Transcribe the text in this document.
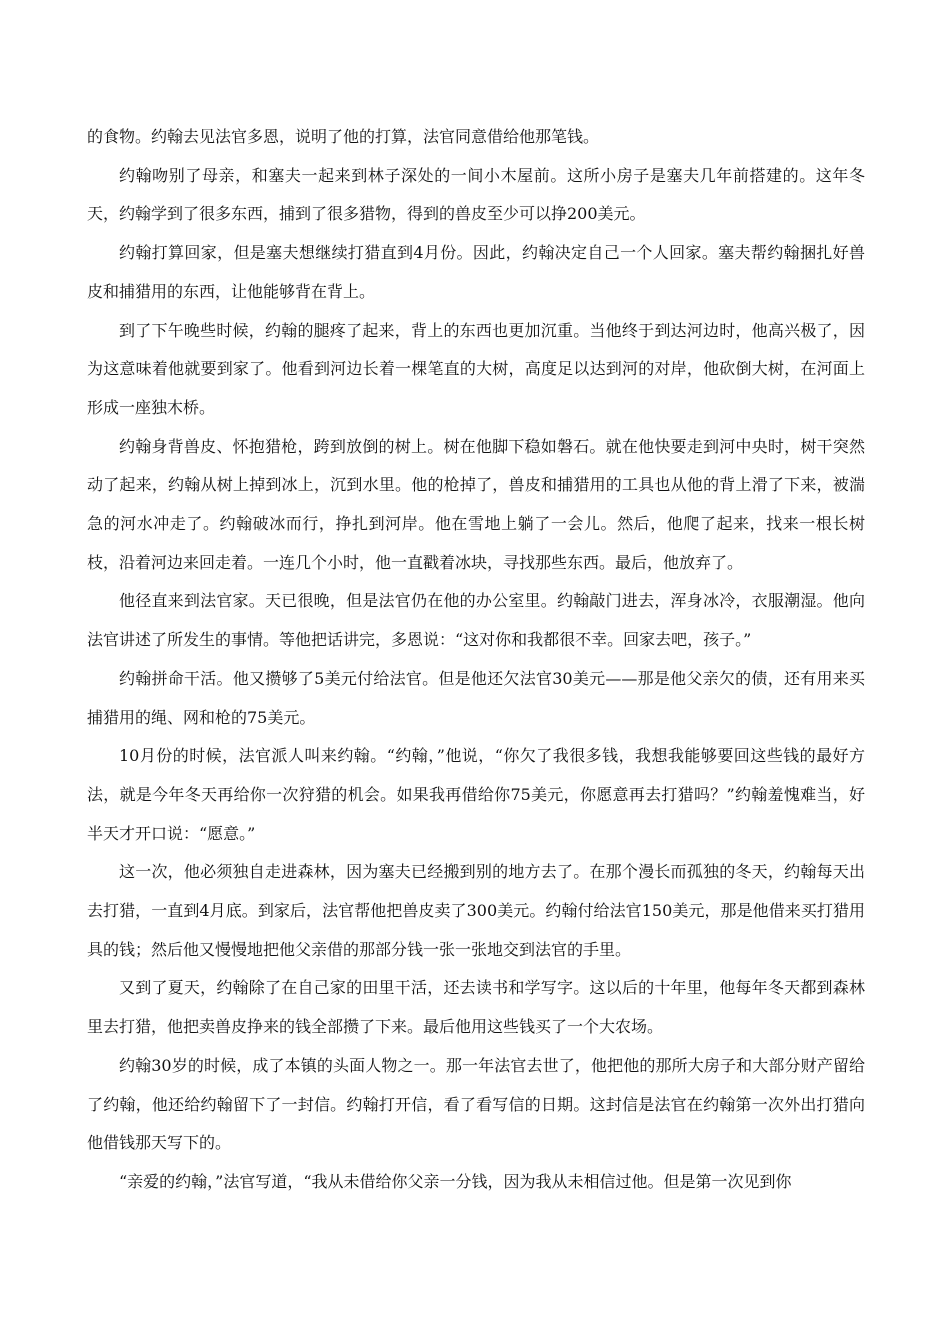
的食物。约翰去见法官多恩，说明了他的打算，法官同意借给他那笔钱。

约翰吻别了母亲，和塞夫一起来到林子深处的一间小木屋前。这所小房子是塞夫几年前搭建的。这年冬天，约翰学到了很多东西，捕到了很多猎物，得到的兽皮至少可以挣200美元。

约翰打算回家，但是塞夫想继续打猎直到4月份。因此，约翰决定自己一个人回家。塞夫帮约翰捆扎好兽皮和捕猎用的东西，让他能够背在背上。

到了下午晚些时候，约翰的腿疼了起来，背上的东西也更加沉重。当他终于到达河边时，他高兴极了，因为这意味着他就要到家了。他看到河边长着一棵笔直的大树，高度足以达到河的对岸，他砍倒大树，在河面上形成一座独木桥。

约翰身背兽皮、怀抱猎枪，跨到放倒的树上。树在他脚下稳如磐石。就在他快要走到河中央时，树干突然动了起来，约翰从树上掉到冰上，沉到水里。他的枪掉了，兽皮和捕猎用的工具也从他的背上滑了下来，被湍急的河水冲走了。约翰破冰而行，挣扎到河岸。他在雪地上躺了一会儿。然后，他爬了起来，找来一根长树枝，沿着河边来回走着。一连几个小时，他一直戳着冰块，寻找那些东西。最后，他放弃了。

他径直来到法官家。天已很晚，但是法官仍在他的办公室里。约翰敲门进去，浑身冰冷，衣服潮湿。他向法官讲述了所发生的事情。等他把话讲完，多恩说：“这对你和我都很不幸。回家去吧，孩子。”

约翰拼命干活。他又攒够了5美元付给法官。但是他还欠法官30美元——那是他父亲欠的债，还有用来买捕猎用的绳、网和枪的75美元。

10月份的时候，法官派人叫来约翰。“约翰，”他说，“你欠了我很多钱，我想我能够要回这些钱的最好方法，就是今年冬天再给你一次狩猎的机会。如果我再借给你75美元，你愿意再去打猎吗？”约翰羞愧难当，好半天才开口说：“愿意。”

这一次，他必须独自走进森林，因为塞夫已经搬到别的地方去了。在那个漫长而孤独的冬天，约翰每天出去打猎，一直到4月底。到家后，法官帮他把兽皮卖了300美元。约翰付给法官150美元，那是他借来买打猎用具的钱；然后他又慢慢地把他父亲借的那部分钱一张一张地交到法官的手里。

又到了夏天，约翰除了在自己家的田里干活，还去读书和学写字。这以后的十年里，他每年冬天都到森林里去打猎，他把卖兽皮挣来的钱全部攒了下来。最后他用这些钱买了一个大农场。

约翰30岁的时候，成了本镇的头面人物之一。那一年法官去世了，他把他的那所大房子和大部分财产留给了约翰，他还给约翰留下了一封信。约翰打开信，看了看写信的日期。这封信是法官在约翰第一次外出打猎向他借钱那天写下的。

“亲爱的约翰，”法官写道，“我从未借给你父亲一分钱，因为我从未相信过他。但是第一次见到你
